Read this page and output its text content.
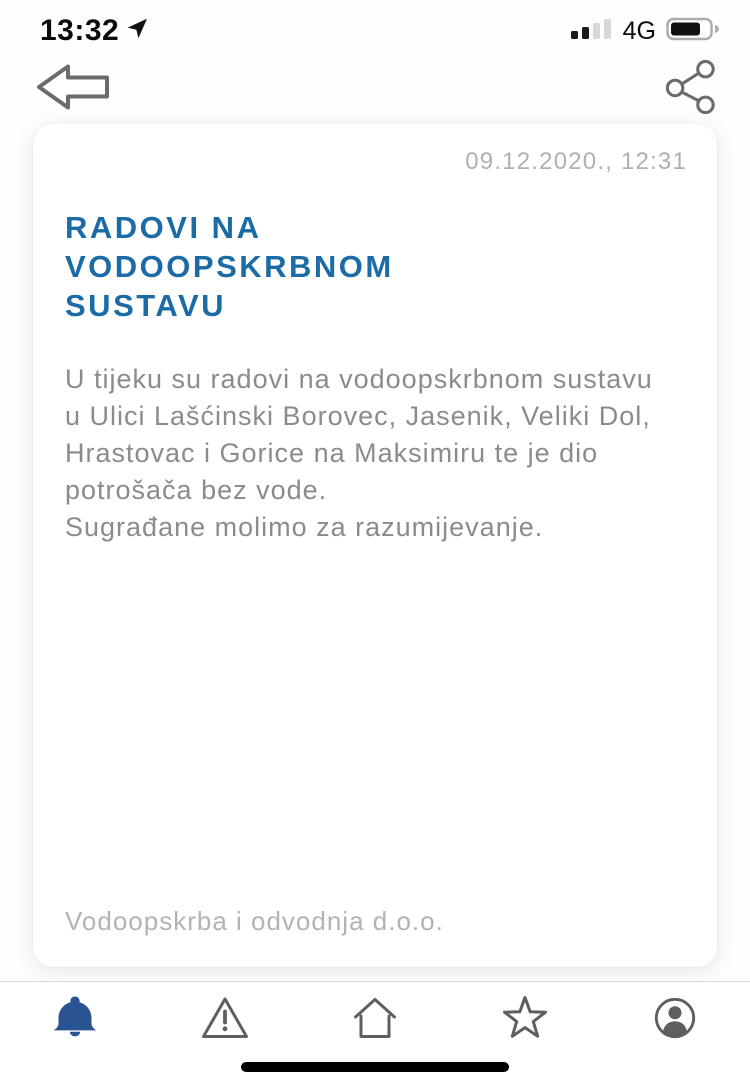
13:32	4G
09.12.2020., 12:31
RADOVI NA VODOOPSKRBNOM SUSTAVU

U tijeku su radovi na vodoopskrbnom sustavu u Ulici Lašćinski Borovec, Jasenik, Veliki Dol, Hrastovac i Gorice na Maksimiru te je dio potrošača bez vode.

Sugrađane molimo za razumijevanje.

Vodoopskrba i odvodnja d.o.o.
